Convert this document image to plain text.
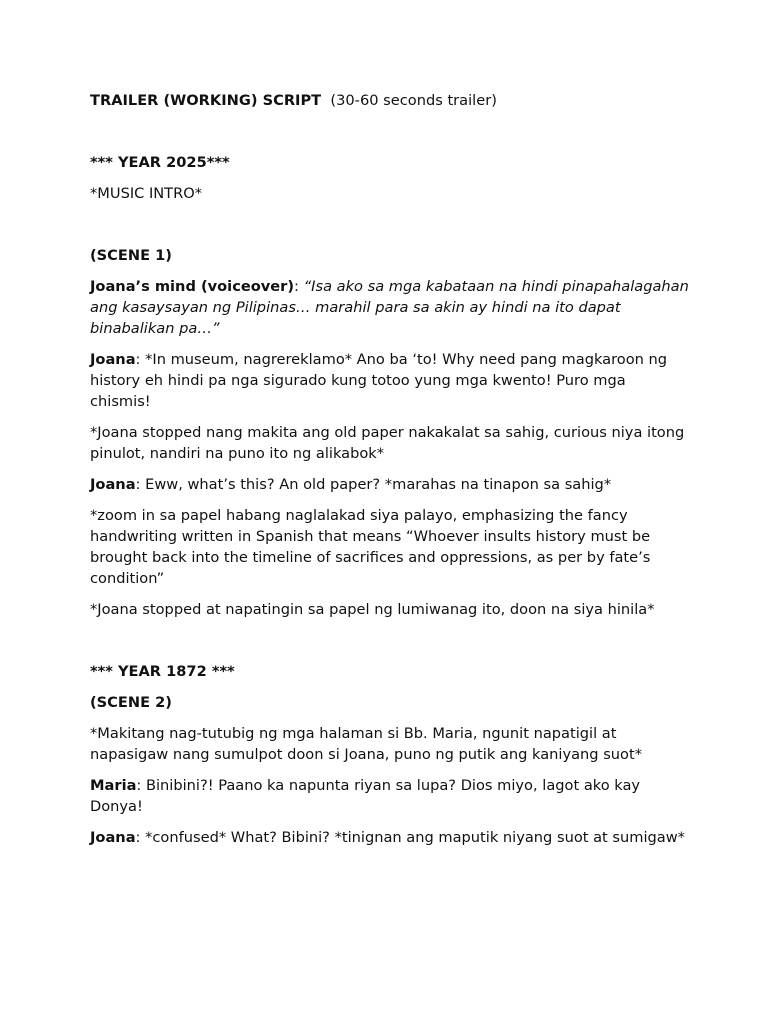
TRAILER (WORKING) SCRIPT (30-60 seconds trailer)

*** YEAR 2025***

*MUSIC INTRO*

(SCENE 1)

Joana’s mind (voiceover): “Isa ako sa mga kabataan na hindi pinapahalagahan ang kasaysayan ng Pilipinas… marahil para sa akin ay hindi na ito dapat binabalikan pa…”

Joana: *In museum, nagrereklamo* Ano ba ‘to! Why need pang magkaroon ng history eh hindi pa nga sigurado kung totoo yung mga kwento! Puro mga chismis!

*Joana stopped nang makita ang old paper nakakalat sa sahig, curious niya itong pinulot, nandiri na puno ito ng alikabok*

Joana: Eww, what’s this? An old paper? *marahas na tinapon sa sahig*

*zoom in sa papel habang naglalakad siya palayo, emphasizing the fancy handwriting written in Spanish that means “Whoever insults history must be brought back into the timeline of sacrifices and oppressions, as per by fate’s condition”

*Joana stopped at napatingin sa papel ng lumiwanag ito, doon na siya hinila*

*** YEAR 1872 ***

(SCENE 2)

*Makitang nag-tutubig ng mga halaman si Bb. Maria, ngunit napatigil at napasigaw nang sumulpot doon si Joana, puno ng putik ang kaniyang suot*

Maria: Binibini?! Paano ka napunta riyan sa lupa? Dios miyo, lagot ako kay Donya!

Joana: *confused* What? Bibini? *tinignan ang maputik niyang suot at sumigaw*
